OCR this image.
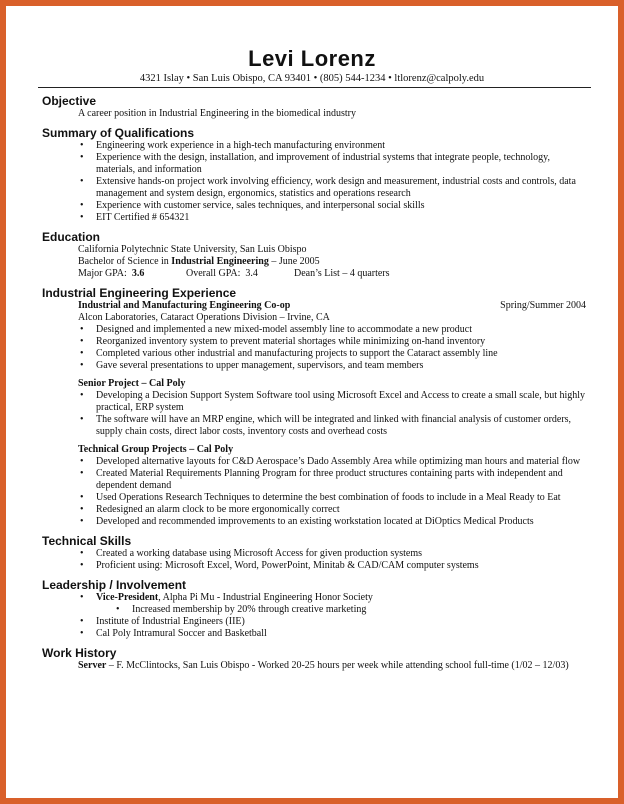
Levi Lorenz
4321 Islay • San Luis Obispo, CA 93401 • (805) 544-1234 • ltlorenz@calpoly.edu
Objective
A career position in Industrial Engineering in the biomedical industry
Summary of Qualifications
• Engineering work experience in a high-tech manufacturing environment
• Experience with the design, installation, and improvement of industrial systems that integrate people, technology, materials, and information
• Extensive hands-on project work involving efficiency, work design and measurement, industrial costs and controls, data management and system design, ergonomics, statistics and operations research
• Experience with customer service, sales techniques, and interpersonal social skills
• EIT Certified # 654321
Education
California Polytechnic State University, San Luis Obispo
Bachelor of Science in Industrial Engineering – June 2005
Major GPA: 3.6	Overall GPA: 3.4	Dean’s List – 4 quarters
Industrial Engineering Experience
Industrial and Manufacturing Engineering Co-op	Spring/Summer 2004
Alcon Laboratories, Cataract Operations Division – Irvine, CA
• Designed and implemented a new mixed-model assembly line to accommodate a new product
• Reorganized inventory system to prevent material shortages while minimizing on-hand inventory
• Completed various other industrial and manufacturing projects to support the Cataract assembly line
• Gave several presentations to upper management, supervisors, and team members
Senior Project – Cal Poly
• Developing a Decision Support System Software tool using Microsoft Excel and Access to create a small scale, but highly practical, ERP system
• The software will have an MRP engine, which will be integrated and linked with financial analysis of customer orders, supply chain costs, direct labor costs, inventory costs and overhead costs
Technical Group Projects – Cal Poly
• Developed alternative layouts for C&D Aerospace’s Dado Assembly Area while optimizing man hours and material flow
• Created Material Requirements Planning Program for three product structures containing parts with independent and dependent demand
• Used Operations Research Techniques to determine the best combination of foods to include in a Meal Ready to Eat
• Redesigned an alarm clock to be more ergonomically correct
• Developed and recommended improvements to an existing workstation located at DiOptics Medical Products
Technical Skills
• Created a working database using Microsoft Access for given production systems
• Proficient using: Microsoft Excel, Word, PowerPoint, Minitab & CAD/CAM computer systems
Leadership / Involvement
• Vice-President, Alpha Pi Mu - Industrial Engineering Honor Society
• Increased membership by 20% through creative marketing
• Institute of Industrial Engineers (IIE)
• Cal Poly Intramural Soccer and Basketball
Work History
Server – F. McClintocks, San Luis Obispo - Worked 20-25 hours per week while attending school full-time (1/02 – 12/03)
